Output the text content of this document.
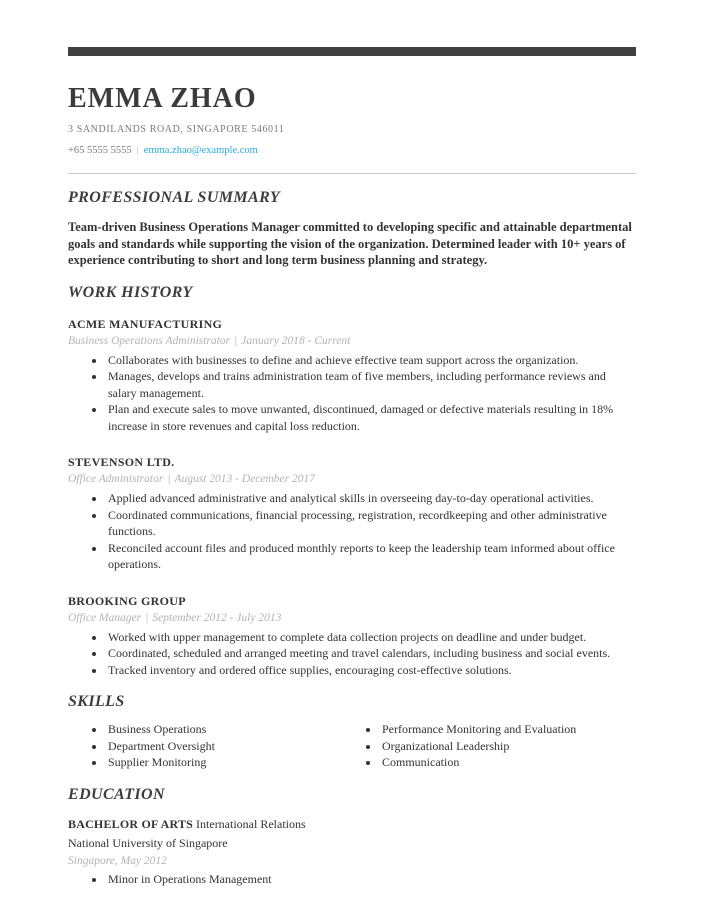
EMMA ZHAO
3 SANDILANDS ROAD, SINGAPORE 546011
+65 5555 5555 | emma.zhao@example.com
PROFESSIONAL SUMMARY

Team-driven Business Operations Manager committed to developing specific and attainable departmental goals and standards while supporting the vision of the organization. Determined leader with 10+ years of experience contributing to short and long term business planning and strategy.

WORK HISTORY
ACME MANUFACTURING
Business Operations Administrator | January 2018 - Current
• Collaborates with businesses to define and achieve effective team support across the organization.
• Manages, develops and trains administration team of five members, including performance reviews and salary management.
• Plan and execute sales to move unwanted, discontinued, damaged or defective materials resulting in 18% increase in store revenues and capital loss reduction.
STEVENSON LTD.
Office Administrator | August 2013 - December 2017
• Applied advanced administrative and analytical skills in overseeing day-to-day operational activities.
• Coordinated communications, financial processing, registration, recordkeeping and other administrative functions.
• Reconciled account files and produced monthly reports to keep the leadership team informed about office operations.
BROOKING GROUP
Office Manager | September 2012 - July 2013
• Worked with upper management to complete data collection projects on deadline and under budget.
• Coordinated, scheduled and arranged meeting and travel calendars, including business and social events.
• Tracked inventory and ordered office supplies, encouraging cost-effective solutions.
SKILLS
• Business Operations
• Department Oversight
• Supplier Monitoring
• Performance Monitoring and Evaluation
• Organizational Leadership
• Communication
EDUCATION
BACHELOR OF ARTS International Relations
National University of Singapore
Singapore, May 2012
• Minor in Operations Management
